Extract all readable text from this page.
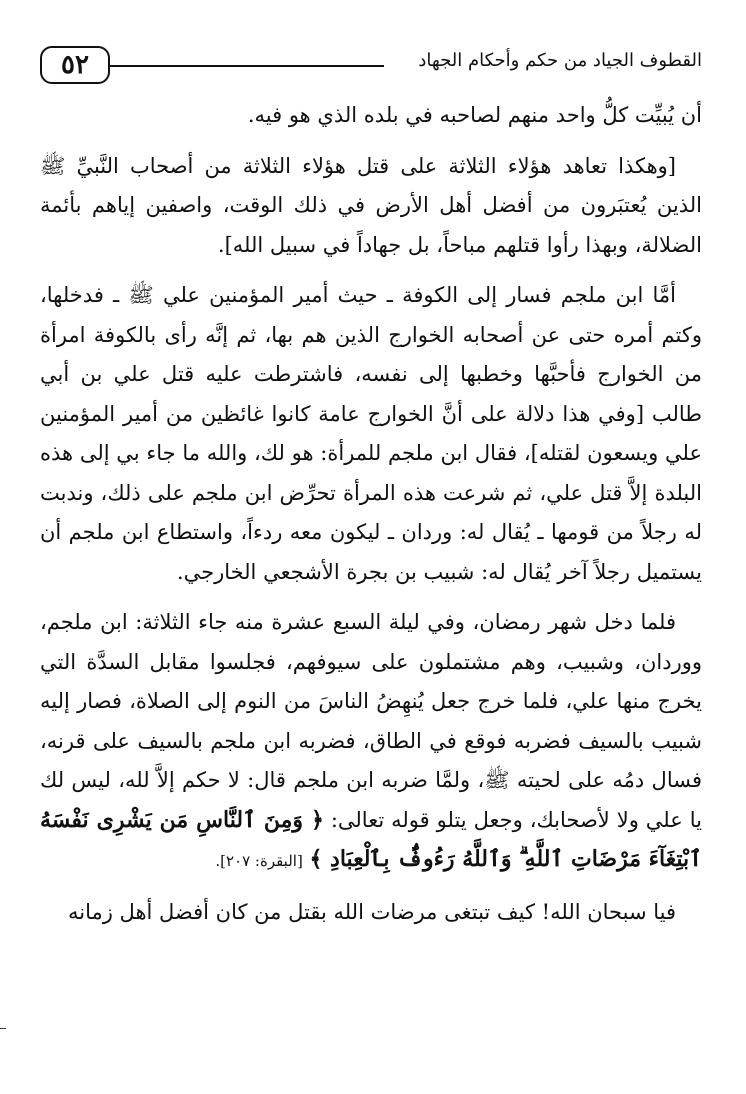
٥٢	القطوف الجياد من حكم وأحكام الجهاد

أن يُبيِّت كلُّ واحد منهم لصاحبه في بلده الذي هو فيه.

[وهكذا تعاهد هؤلاء الثلاثة على قتل هؤلاء الثلاثة من أصحاب النَّبيِّ ﷺ الذين يُعتبَرون من أفضل أهل الأرض في ذلك الوقت، واصفين إياهم بأئمة الضلالة، وبهذا رأوا قتلهم مباحاً، بل جهاداً في سبيل الله].

أمَّا ابن ملجم فسار إلى الكوفة ـ حيث أمير المؤمنين علي ﷺ ـ فدخلها، وكتم أمره حتى عن أصحابه الخوارج الذين هم بها، ثم إنَّه رأى بالكوفة امرأة من الخوارج فأحبَّها وخطبها إلى نفسه، فاشترطت عليه قتل علي بن أبي طالب [وفي هذا دلالة على أنَّ الخوارج عامة كانوا غائظين من أمير المؤمنين علي ويسعون لقتله]، فقال ابن ملجم للمرأة: هو لك، والله ما جاء بي إلى هذه البلدة إلاَّ قتل علي، ثم شرعت هذه المرأة تحرِّض ابن ملجم على ذلك، وندبت له رجلاً من قومها ـ يُقال له: وردان ـ ليكون معه ردءاً، واستطاع ابن ملجم أن يستميل رجلاً آخر يُقال له: شبيب بن بجرة الأشجعي الخارجي.

فلما دخل شهر رمضان، وفي ليلة السبع عشرة منه جاء الثلاثة: ابن ملجم، ووردان، وشبيب، وهم مشتملون على سيوفهم، فجلسوا مقابل السدَّة التي يخرج منها علي، فلما خرج جعل يُنهِضُ الناسَ من النوم إلى الصلاة، فصار إليه شبيب بالسيف فضربه فوقع في الطاق، فضربه ابن ملجم بالسيف على قرنه، فسال دمُه على لحيته ﷺ، ولمَّا ضربه ابن ملجم قال: لا حكم إلاَّ لله، ليس لك يا علي ولا لأصحابك، وجعل يتلو قوله تعالى: ﴿ وَمِنَ ٱلنَّاسِ مَن يَشْرِى نَفْسَهُ ٱبْتِغَآءَ مَرْضَاتِ ٱللَّهِ ۗ وَٱللَّهُ رَءُوفٌۢ بِٱلْعِبَادِ ﴾ [البقرة: ٢٠٧].

فيا سبحان الله! كيف تبتغى مرضات الله بقتل من كان أفضل أهل زمانه
